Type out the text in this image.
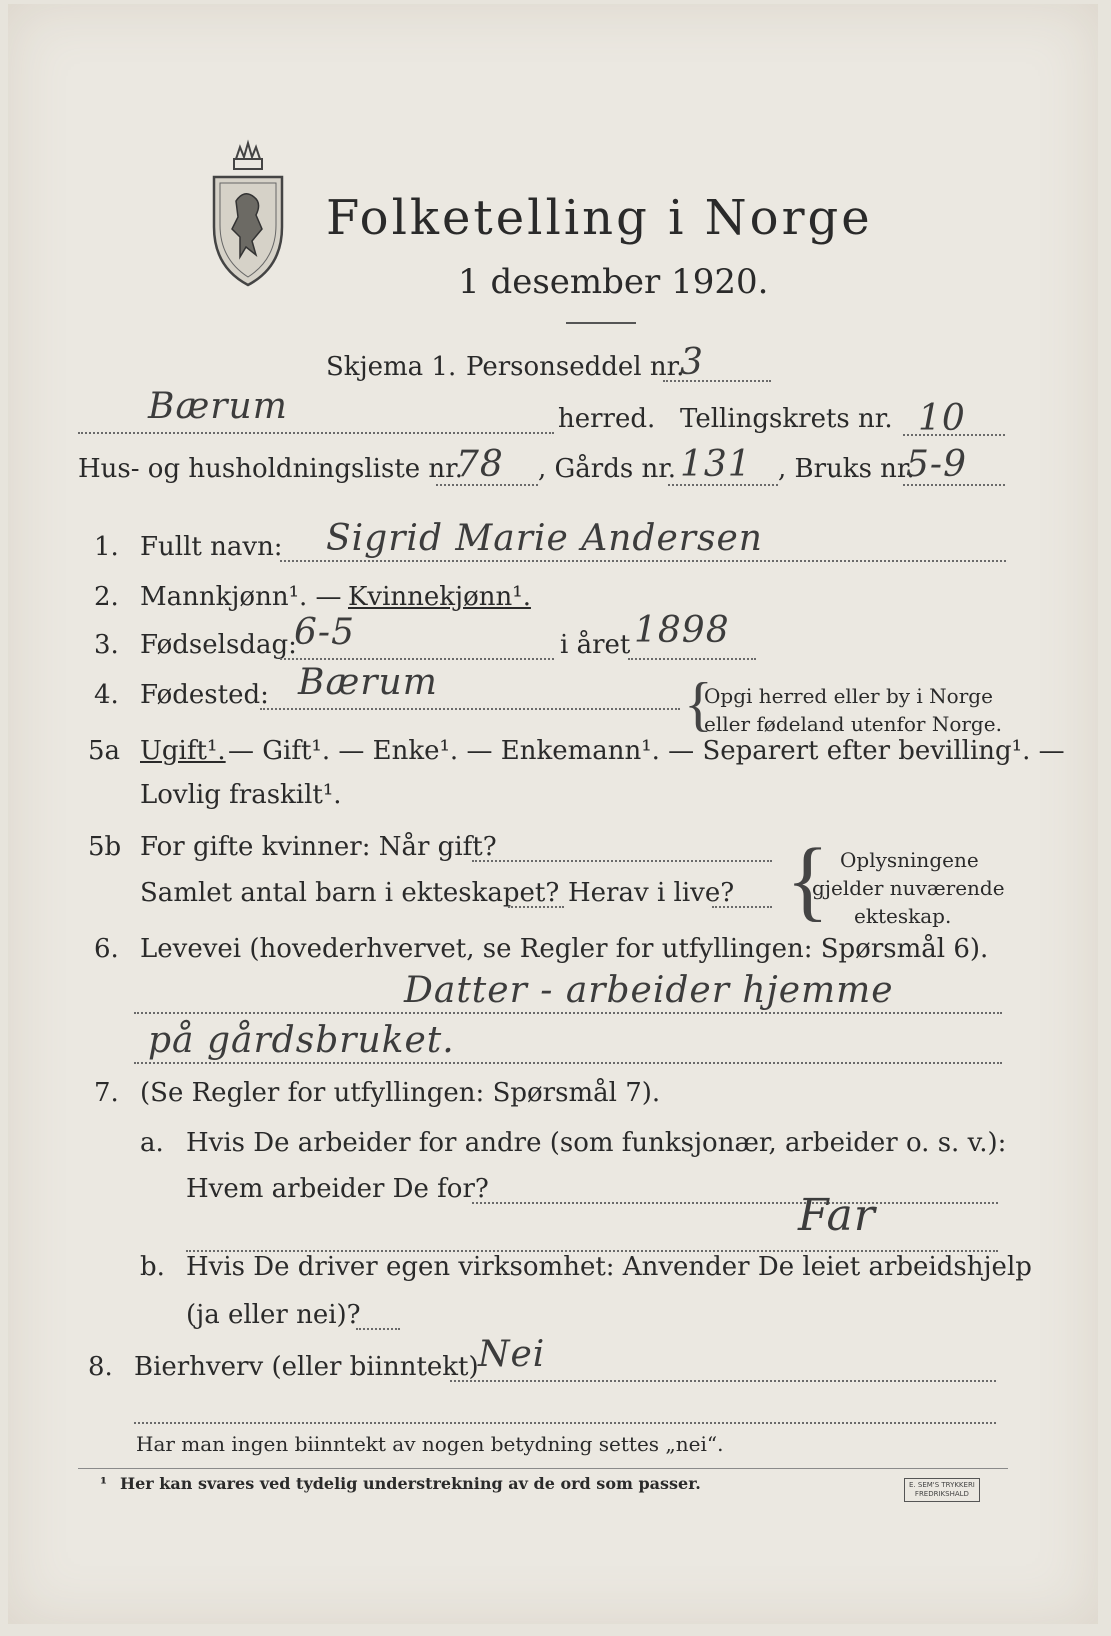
Folketelling i Norge
1 desember 1920.
Skjema 1. Personseddel nr.
3
Bærum	herred. Tellingskrets nr. 10
Hus- og husholdningsliste nr.
78 , Gårds nr. 131 , Bruks nr.
5-9
1. Fullt navn: Sigrid Marie Andersen
2. Mannkjønn¹. — Kvinnekjønn¹.
3. Fødselsdag:
6-5	i året 1898
4. Fødested: Bærum	{
Opgi herred eller by i Norge
eller fødeland utenfor Norge.
5a Ugift¹. — Gift¹. — Enke¹. — Enkemann¹. — Separert efter bevilling¹. —
Lovlig fraskilt¹.
5b For gifte kvinner: Når gift?
Samlet antal barn i ekteskapet? Herav i live? { Oplysningene
gjelder nuværende
ekteskap.
6. Levevei (hovederhvervet, se Regler for utfyllingen: Spørsmål 6).
Datter - arbeider hjemme
på gårdsbruket.
7. (Se Regler for utfyllingen: Spørsmål 7).
a. Hvis De arbeider for andre (som funksjonær, arbeider o. s. v.):
Hvem arbeider De for?
Far
b. Hvis De driver egen virksomhet: Anvender De leiet arbeidshjelp
(ja eller nei)?
8. Bierhverv (eller biinntekt) Nei
Har man ingen biinntekt av nogen betydning settes „nei“.
¹ Her kan svares ved tydelig understrekning av de ord som passer.	E. SEM'S TRYKKERI
FREDRIKSHALD
